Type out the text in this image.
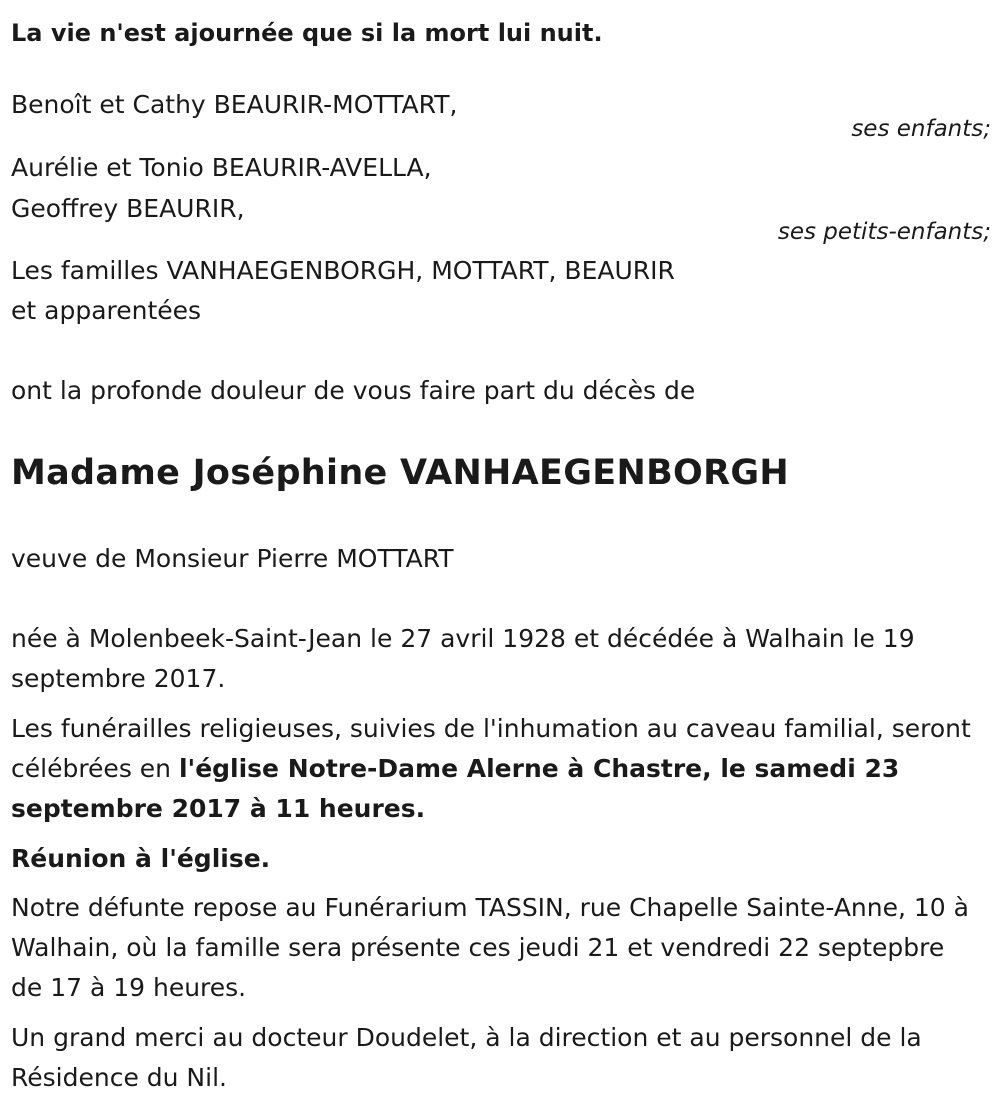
La vie n'est ajournée que si la mort lui nuit.
Benoît et Cathy BEAURIR-MOTTART,
ses enfants;
Aurélie et Tonio BEAURIR-AVELLA,
Geoffrey BEAURIR,
ses petits-enfants;
Les familles VANHAEGENBORGH, MOTTART, BEAURIR
et apparentées
ont la profonde douleur de vous faire part du décès de
Madame Joséphine VANHAEGENBORGH
veuve de Monsieur Pierre MOTTART
née à Molenbeek-Saint-Jean le 27 avril 1928 et décédée à Walhain le 19 septembre 2017.
Les funérailles religieuses, suivies de l'inhumation au caveau familial, seront célébrées en l'église Notre-Dame Alerne à Chastre, le samedi 23 septembre 2017 à 11 heures.
Réunion à l'église.
Notre défunte repose au Funérarium TASSIN, rue Chapelle Sainte-Anne, 10 à Walhain, où la famille sera présente ces jeudi 21 et vendredi 22 septepbre de 17 à 19 heures.
Un grand merci au docteur Doudelet, à la direction et au personnel de la Résidence du Nil.
